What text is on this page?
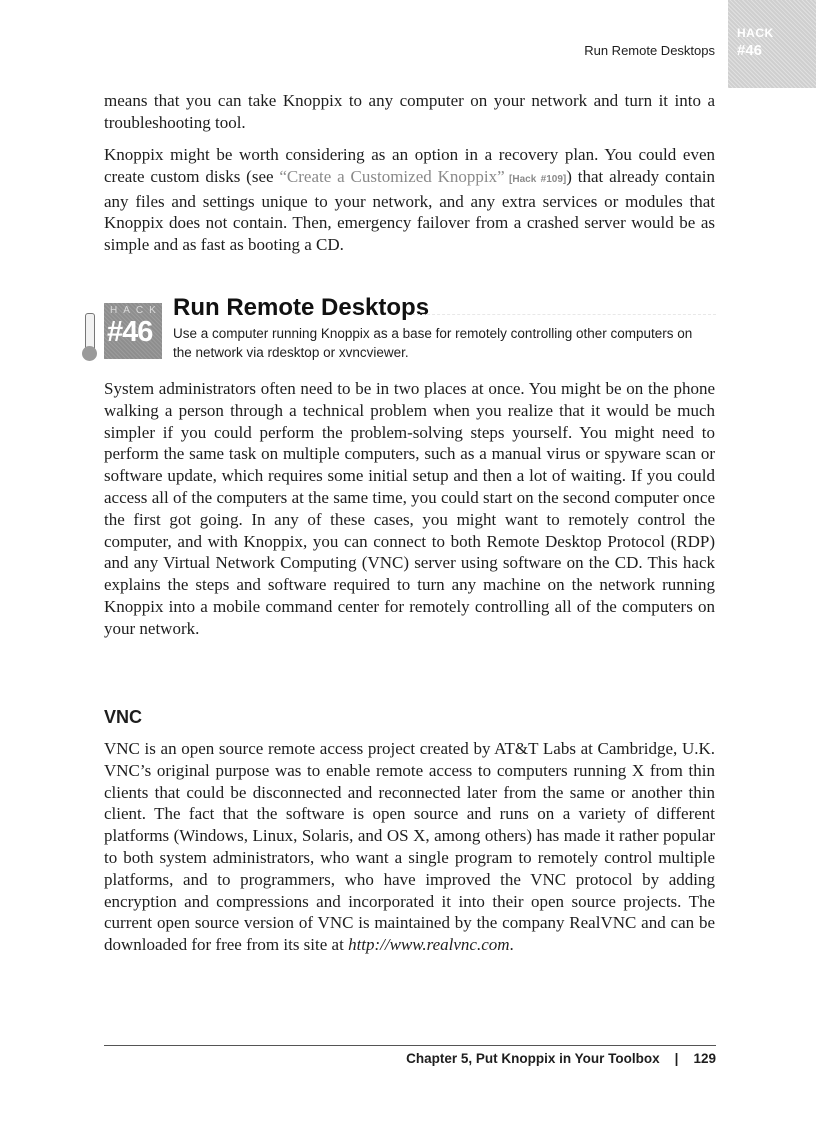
HACK
#46
Run Remote Desktops

means that you can take Knoppix to any computer on your network and turn it into a troubleshooting tool.

Knoppix might be worth considering as an option in a recovery plan. You could even create custom disks (see “Create a Customized Knoppix” [Hack #109]) that already contain any files and settings unique to your network, and any extra services or modules that Knoppix does not contain. Then, emergency failover from a crashed server would be as simple and as fast as booting a CD.

HACK
#46
Run Remote Desktops

Use a computer running Knoppix as a base for remotely controlling other computers on the network via rdesktop or xvncviewer.

System administrators often need to be in two places at once. You might be on the phone walking a person through a technical problem when you realize that it would be much simpler if you could perform the problem-solving steps yourself. You might need to perform the same task on multiple computers, such as a manual virus or spyware scan or software update, which requires some initial setup and then a lot of waiting. If you could access all of the computers at the same time, you could start on the second computer once the first got going. In any of these cases, you might want to remotely control the computer, and with Knoppix, you can connect to both Remote Desktop Protocol (RDP) and any Virtual Network Computing (VNC) server using software on the CD. This hack explains the steps and software required to turn any machine on the network running Knoppix into a mobile command center for remotely controlling all of the computers on your network.

VNC

VNC is an open source remote access project created by AT&T Labs at Cambridge, U.K. VNC’s original purpose was to enable remote access to computers running X from thin clients that could be disconnected and reconnected later from the same or another thin client. The fact that the software is open source and runs on a variety of different platforms (Windows, Linux, Solaris, and OS X, among others) has made it rather popular to both system administrators, who want a single program to remotely control multiple platforms, and to programmers, who have improved the VNC protocol by adding encryption and compressions and incorporated it into their open source projects. The current open source version of VNC is maintained by the company RealVNC and can be downloaded for free from its site at http://www.realvnc.com.

Chapter 5, Put Knoppix in Your Toolbox | 129
